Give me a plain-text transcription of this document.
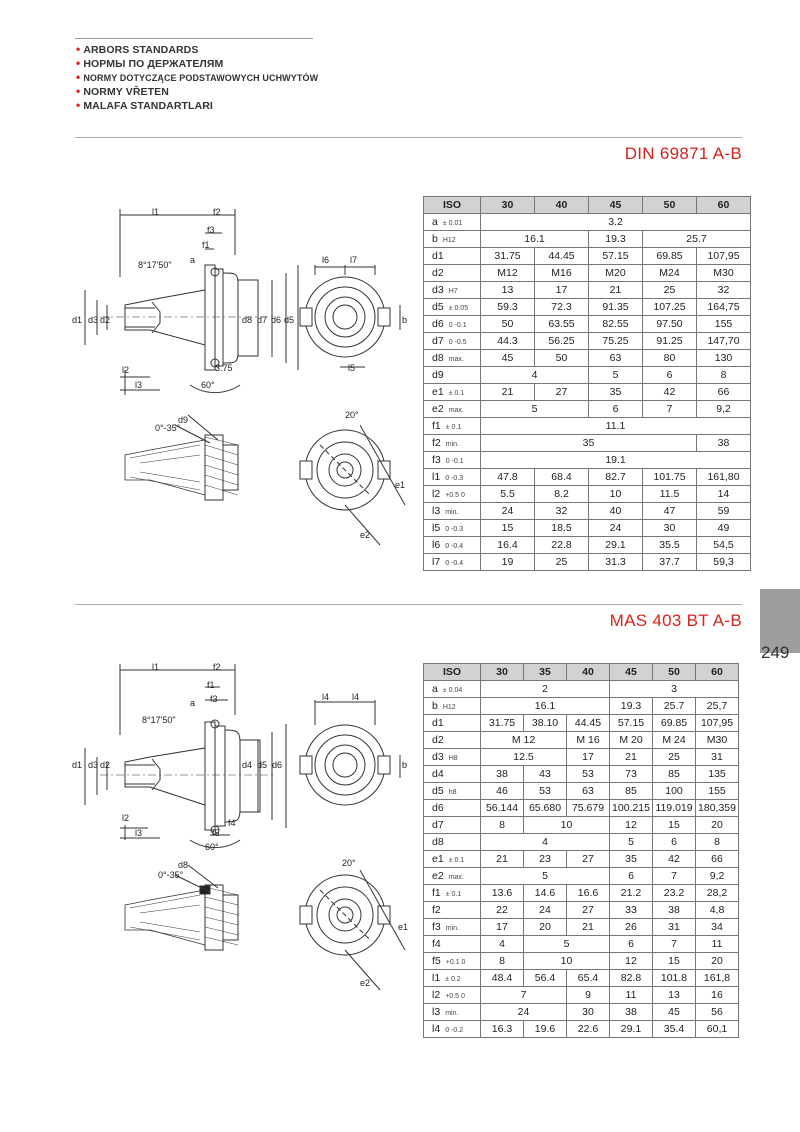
• ARBORS STANDARDS
• НОРМЫ ПО ДЕРЖАТЕЛЯМ
• NORMY DOTYCZĄCE PODSTAWOWYCH UCHWYTÓW
• NORMY VŘETEN
• MALAFA STANDARTLARI
DIN 69871 A-B
l1	f2
f3
f1
a
8°17'50"
d1 d3 d2	d8 d7 d6 d5
l2
l3
3.75
60°
l6 l7
l5
b
d9
0°-35°
20°
e1
e2
ISO	30	40	45	50	60
a ± 0.01	3.2				
b H12	16.1		19.3	25.7	
d1	31.75	44.45	57.15	69.85	107,95
d2	M12	M16	M20	M24	M30
d3 H7	13	17	21	25	32
d5 ± 0.05	59.3	72.3	91.35	107.25	164,75
d6 0 -0.1	50	63.55	82.55	97.50	155
d7 0 -0.5	44.3	56.25	75.25	91.25	147,70
d8 max.	45	50	63	80	130
d9	4		5	6	8
e1 ± 0.1	21	27	35	42	66
e2 max.	5		6	7	9,2
f1 ± 0.1	11.1				
f2 min.	35				38
f3 0 -0.1	19.1				
l1 0 -0.3	47.8	68.4	82.7	101.75	161,80
l2 +0.5 0	5.5	8.2	10	11.5	14
l3 min.	24	32	40	47	59
l5 0 -0.3	15	18.5	24	30	49
l6 0 -0.4	16.4	22.8	29.1	35.5	54,5
l7 0 -0.4	19	25	31.3	37.7	59,3
249
MAS 403 BT A-B
l1	f2
f1
f3
a
8°17'50"
d1 d3 d2	d4 d5 d6
l2
l3	f5
f4
60°
l4	l4
b
d8
0°-35°
20°
e1
e2
ISO	30	35	40	45	50	60
a ± 0.04	2			3		
b H12	16.1			19.3	25.7	25,7
d1	31.75	38.10	44.45	57.15	69.85	107,95
d2	M 12		M 16	M 20	M 24	M30
d3 H8	12.5		17	21	25	31
d4	38	43	53	73	85	135
d5 h8	46	53	63	85	100	155
d6	56.144	65.680	75.679	100.215	119.019	180,359
d7	8	10		12	15	20
d8	4			5	6	8
e1 ± 0.1	21	23	27	35	42	66
e2 max.	5			6	7	9,2
f1 ± 0.1	13.6	14.6	16.6	21.2	23.2	28,2
f2	22	24	27	33	38	4,8
f3 min.	17	20	21	26	31	34
f4	4	5		6	7	11
f5 +0.1 0	8	10		12	15	20
l1 ± 0.2	48.4	56.4	65.4	82.8	101.8	161,8
l2 +0.5 0	7		9	11	13	16
l3 min.	24		30	38	45	56
l4 0 -0.2	16.3	19.6	22.6	29.1	35.4	60,1
